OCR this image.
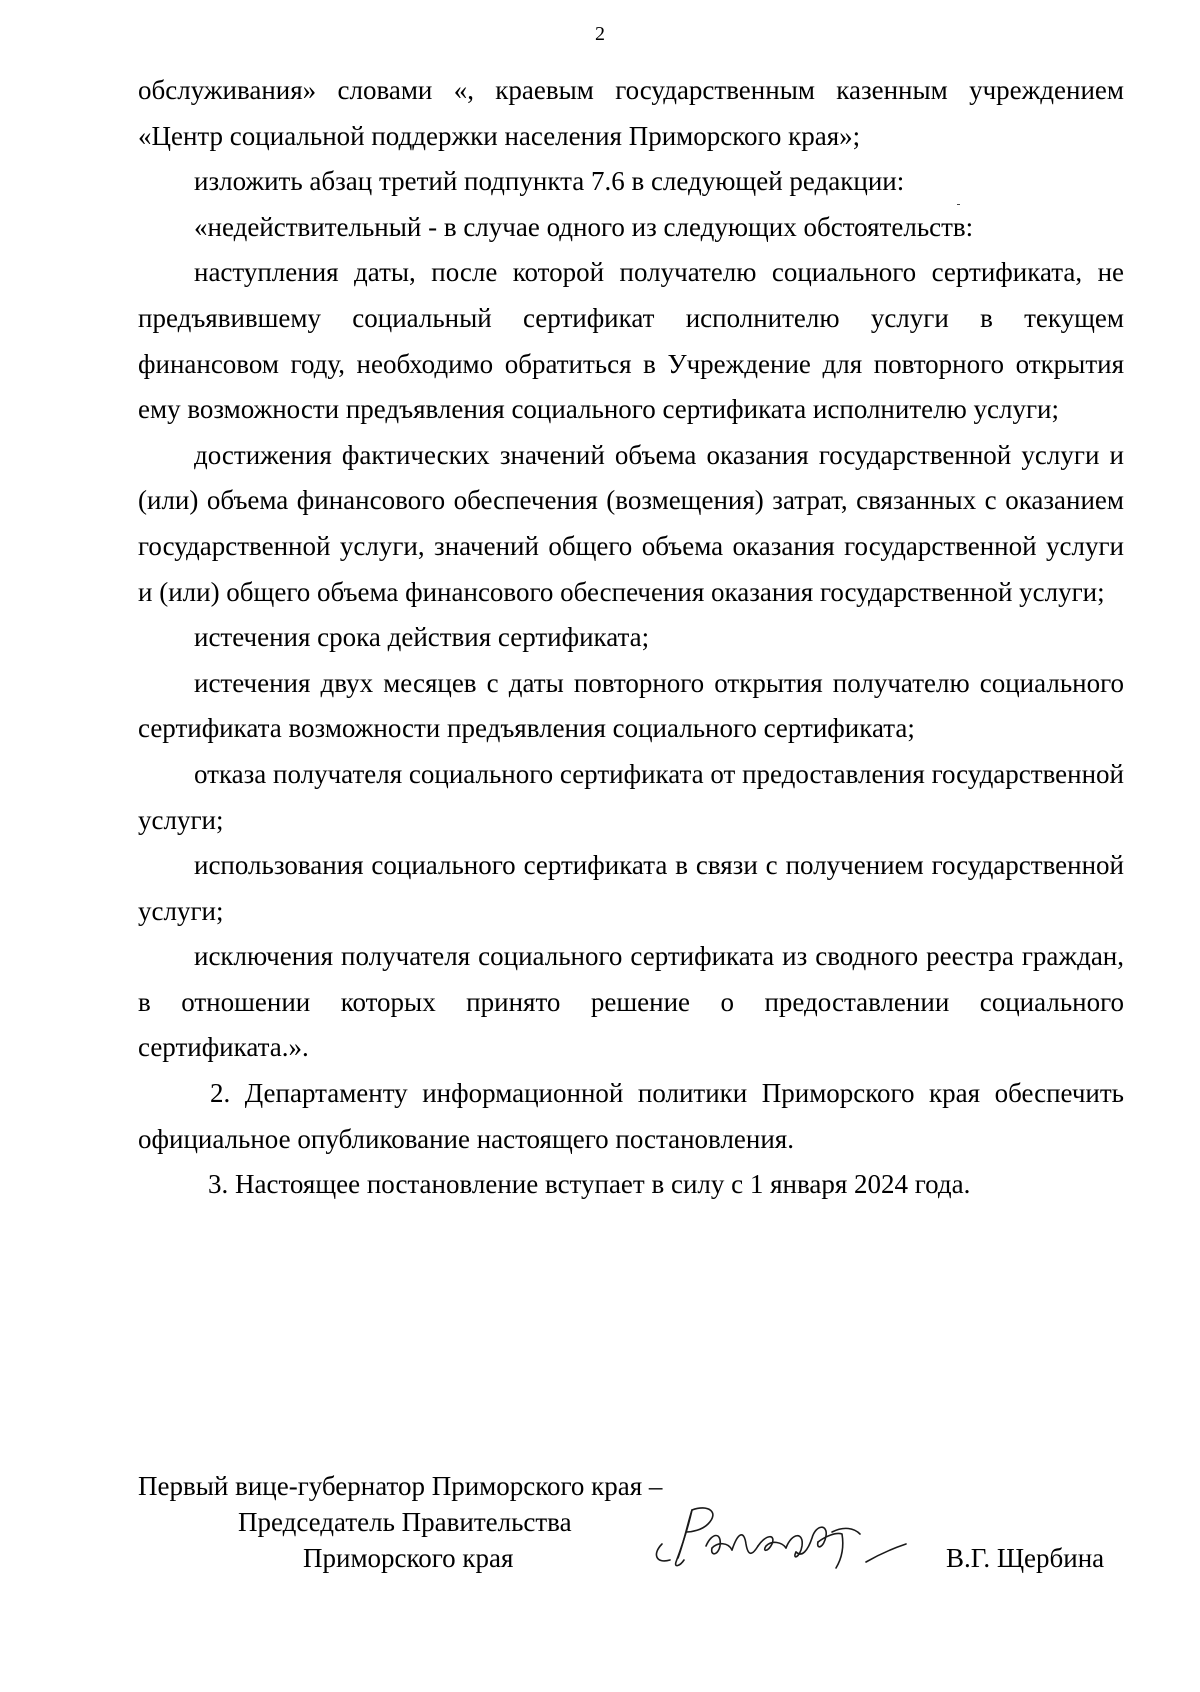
2

обслуживания» словами «, краевым государственным казенным учреждением «Центр социальной поддержки населения Приморского края»;

изложить абзац третий подпункта 7.6 в следующей редакции:

«недействительный - в случае одного из следующих обстоятельств:

наступления даты, после которой получателю социального сертификата, не предъявившему социальный сертификат исполнителю услуги в текущем финансовом году, необходимо обратиться в Учреждение для повторного открытия ему возможности предъявления социального сертификата исполнителю услуги;

достижения фактических значений объема оказания государственной услуги и (или) объема финансового обеспечения (возмещения) затрат, связанных с оказанием государственной услуги, значений общего объема оказания государственной услуги и (или) общего объема финансового обеспечения оказания государственной услуги;

истечения срока действия сертификата;

истечения двух месяцев с даты повторного открытия получателю социального сертификата возможности предъявления социального сертификата;

отказа получателя социального сертификата от предоставления государственной услуги;

использования социального сертификата в связи с получением государственной услуги;

исключения получателя социального сертификата из сводного реестра граждан, в отношении которых принято решение о предоставлении социального сертификата.».

2. Департаменту информационной политики Приморского края обеспечить официальное опубликование настоящего постановления.

3. Настоящее постановление вступает в силу с 1 января 2024 года.

Первый вице-губернатор Приморского края –
Председатель Правительства
Приморского края	В.Г. Щербина
